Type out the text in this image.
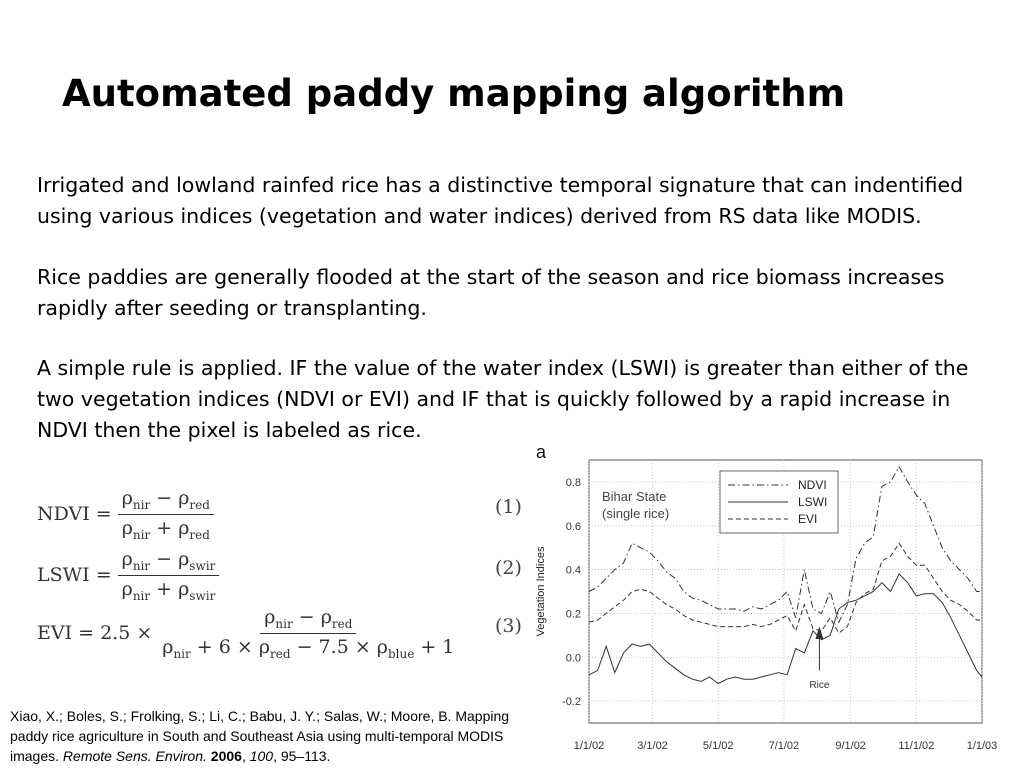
Automated paddy mapping algorithm

Irrigated and lowland rainfed rice has a distinctive temporal signature that can indentified using various indices (vegetation and water indices) derived from RS data like MODIS.

Rice paddies are generally flooded at the start of the season and rice biomass increases rapidly after seeding or transplanting.

A simple rule is applied. IF the value of the water index (LSWI) is greater than either of the two vegetation indices (NDVI or EVI) and IF that is quickly followed by a rapid increase in NDVI then the pixel is labeled as rice.

NDVI = $\frac{\rho_{nir} - \rho_{red}}{\rho_{nir} + \rho_{red}}$	(1)
LSWI = $\frac{\rho_{nir} - \rho_{swir}}{\rho_{nir} + \rho_{swir}}$	(2)
EVI = $2.5 \times \frac{\rho_{nir} - \rho_{red}}{\rho_{nir} + 6 \times \rho_{red} - 7.5 \times \rho_{blue} + 1} (3)$
Xiao, X.; Boles, S.; Frolking, S.; Li, C.; Babu, J. Y.; Salas, W.; Moore, B. Mapping paddy rice agriculture in South and Southeast Asia using multi-temporal MODIS images. Remote Sens. Environ. 2006, 100, 95–113.
0.8
0.6
0.4
0.2
0.0
-0.2
1/1/02	3/1/02	5/1/02	7/1/02	9/1/02	11/1/02	1/1/03
Vegetation Indices
a
NDVI
LSWI
EVI
Bihar State
(single rice)
Rice
